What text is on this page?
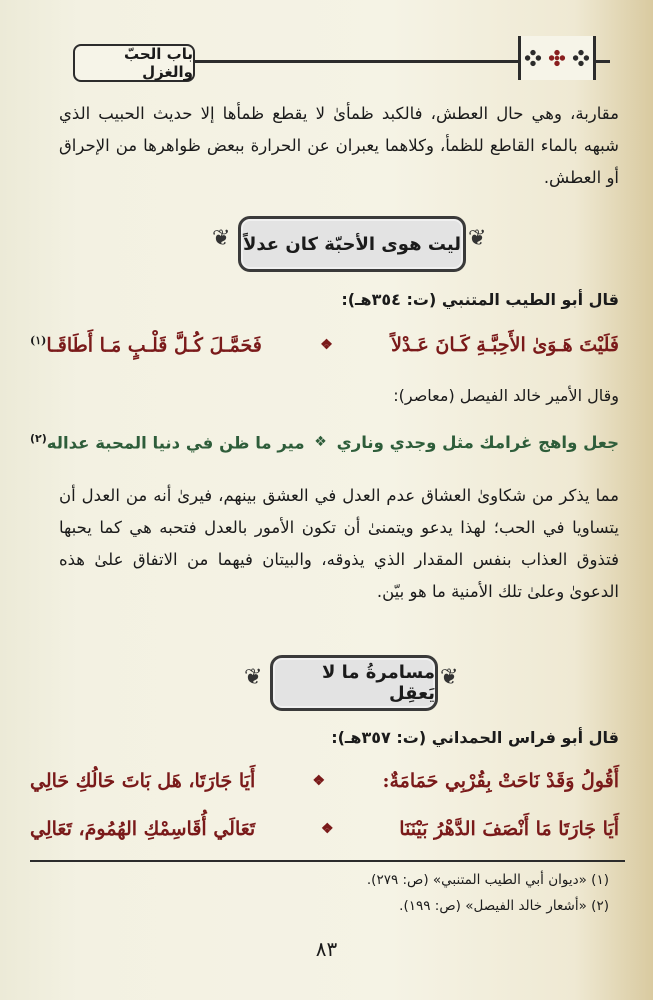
باب الحبّ والغزل
مقاربة، وهي حال العطش، فالكبد ظمأىٰ لا يقطع ظمأها إلا حديث الحبيب الذي شبهه بالماء القاطع للظمأ، وكلاهما يعبران عن الحرارة ببعض ظواهرها من الإحراق أو العطش.
❦
ليت هوى الأحبّة كان عدلاً
❦
قال أبو الطيب المتنبي (ت: ٣٥٤هـ):
فَلَيْتَ هَـوَىٰ الأَحِبَّـةِ كَـانَ عَـدْلاً
❖
فَحَمَّـلَ كُـلَّ قَلْـبٍ مَـا أَطَاقَـا$^{(١)}$
وقال الأمير خالد الفيصل (معاصر):
جعل واهج غرامك مثل وجدي وناري
❖
مير ما ظن في دنيا المحبة عداله$^{(٢)}$
مما يذكر من شكاوىٰ العشاق عدم العدل في العشق بينهم، فيرىٰ أنه من العدل أن يتساويا في الحب؛ لهذا يدعو ويتمنىٰ أن تكون الأمور بالعدل فتحبه هي كما يحبها فتذوق العذاب بنفس المقدار الذي يذوقه، والبيتان فيهما من الاتفاق علىٰ هذه الدعوىٰ وعلىٰ تلك الأمنية ما هو بيّن.
❦
مسامرةُ ما لا يَعقِل
❦
قال أبو فراس الحمداني (ت: ٣٥٧هـ):
أَقُولُ وَقَدْ نَاحَتْ بِقُرْبِي حَمَامَةٌ:
❖
أَيَا جَارَتَا، هَل بَاتَ حَالُكِ حَالِي
أَيَا جَارَتَا مَا أَنْصَفَ الدَّهْرُ بَيْنَنَا
❖
تَعَالَي أُقَاسِمْكِ الهُمُومَ، تَعَالِي
(١) «ديوان أبي الطيب المتنبي» (ص: ٢٧٩).
(٢) «أشعار خالد الفيصل» (ص: ١٩٩).
٨٣
